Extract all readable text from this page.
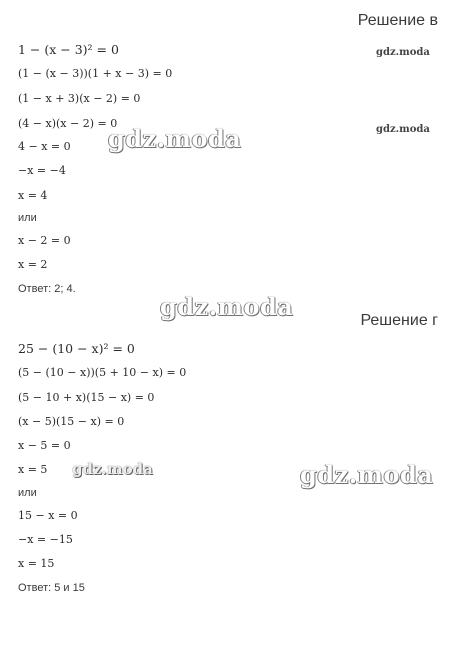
Решение в
1 − (x − 3)² = 0
(1 − (x − 3))(1 + x − 3) = 0
(1 − x + 3)(x − 2) = 0
(4 − x)(x − 2) = 0
4 − x = 0
−x = −4
x = 4
или
x − 2 = 0
x = 2
Ответ: 2; 4.
Решение г
25 − (10 − x)² = 0
(5 − (10 − x))(5 + 10 − x) = 0
(5 − 10 + x)(15 − x) = 0
(x − 5)(15 − x) = 0
x − 5 = 0
x = 5
или
15 − x = 0
−x = −15
x = 15
Ответ: 5 и 15
gdz.moda
gdz.moda
gdz.moda
gdz.moda
gdz.moda	gdz.moda
